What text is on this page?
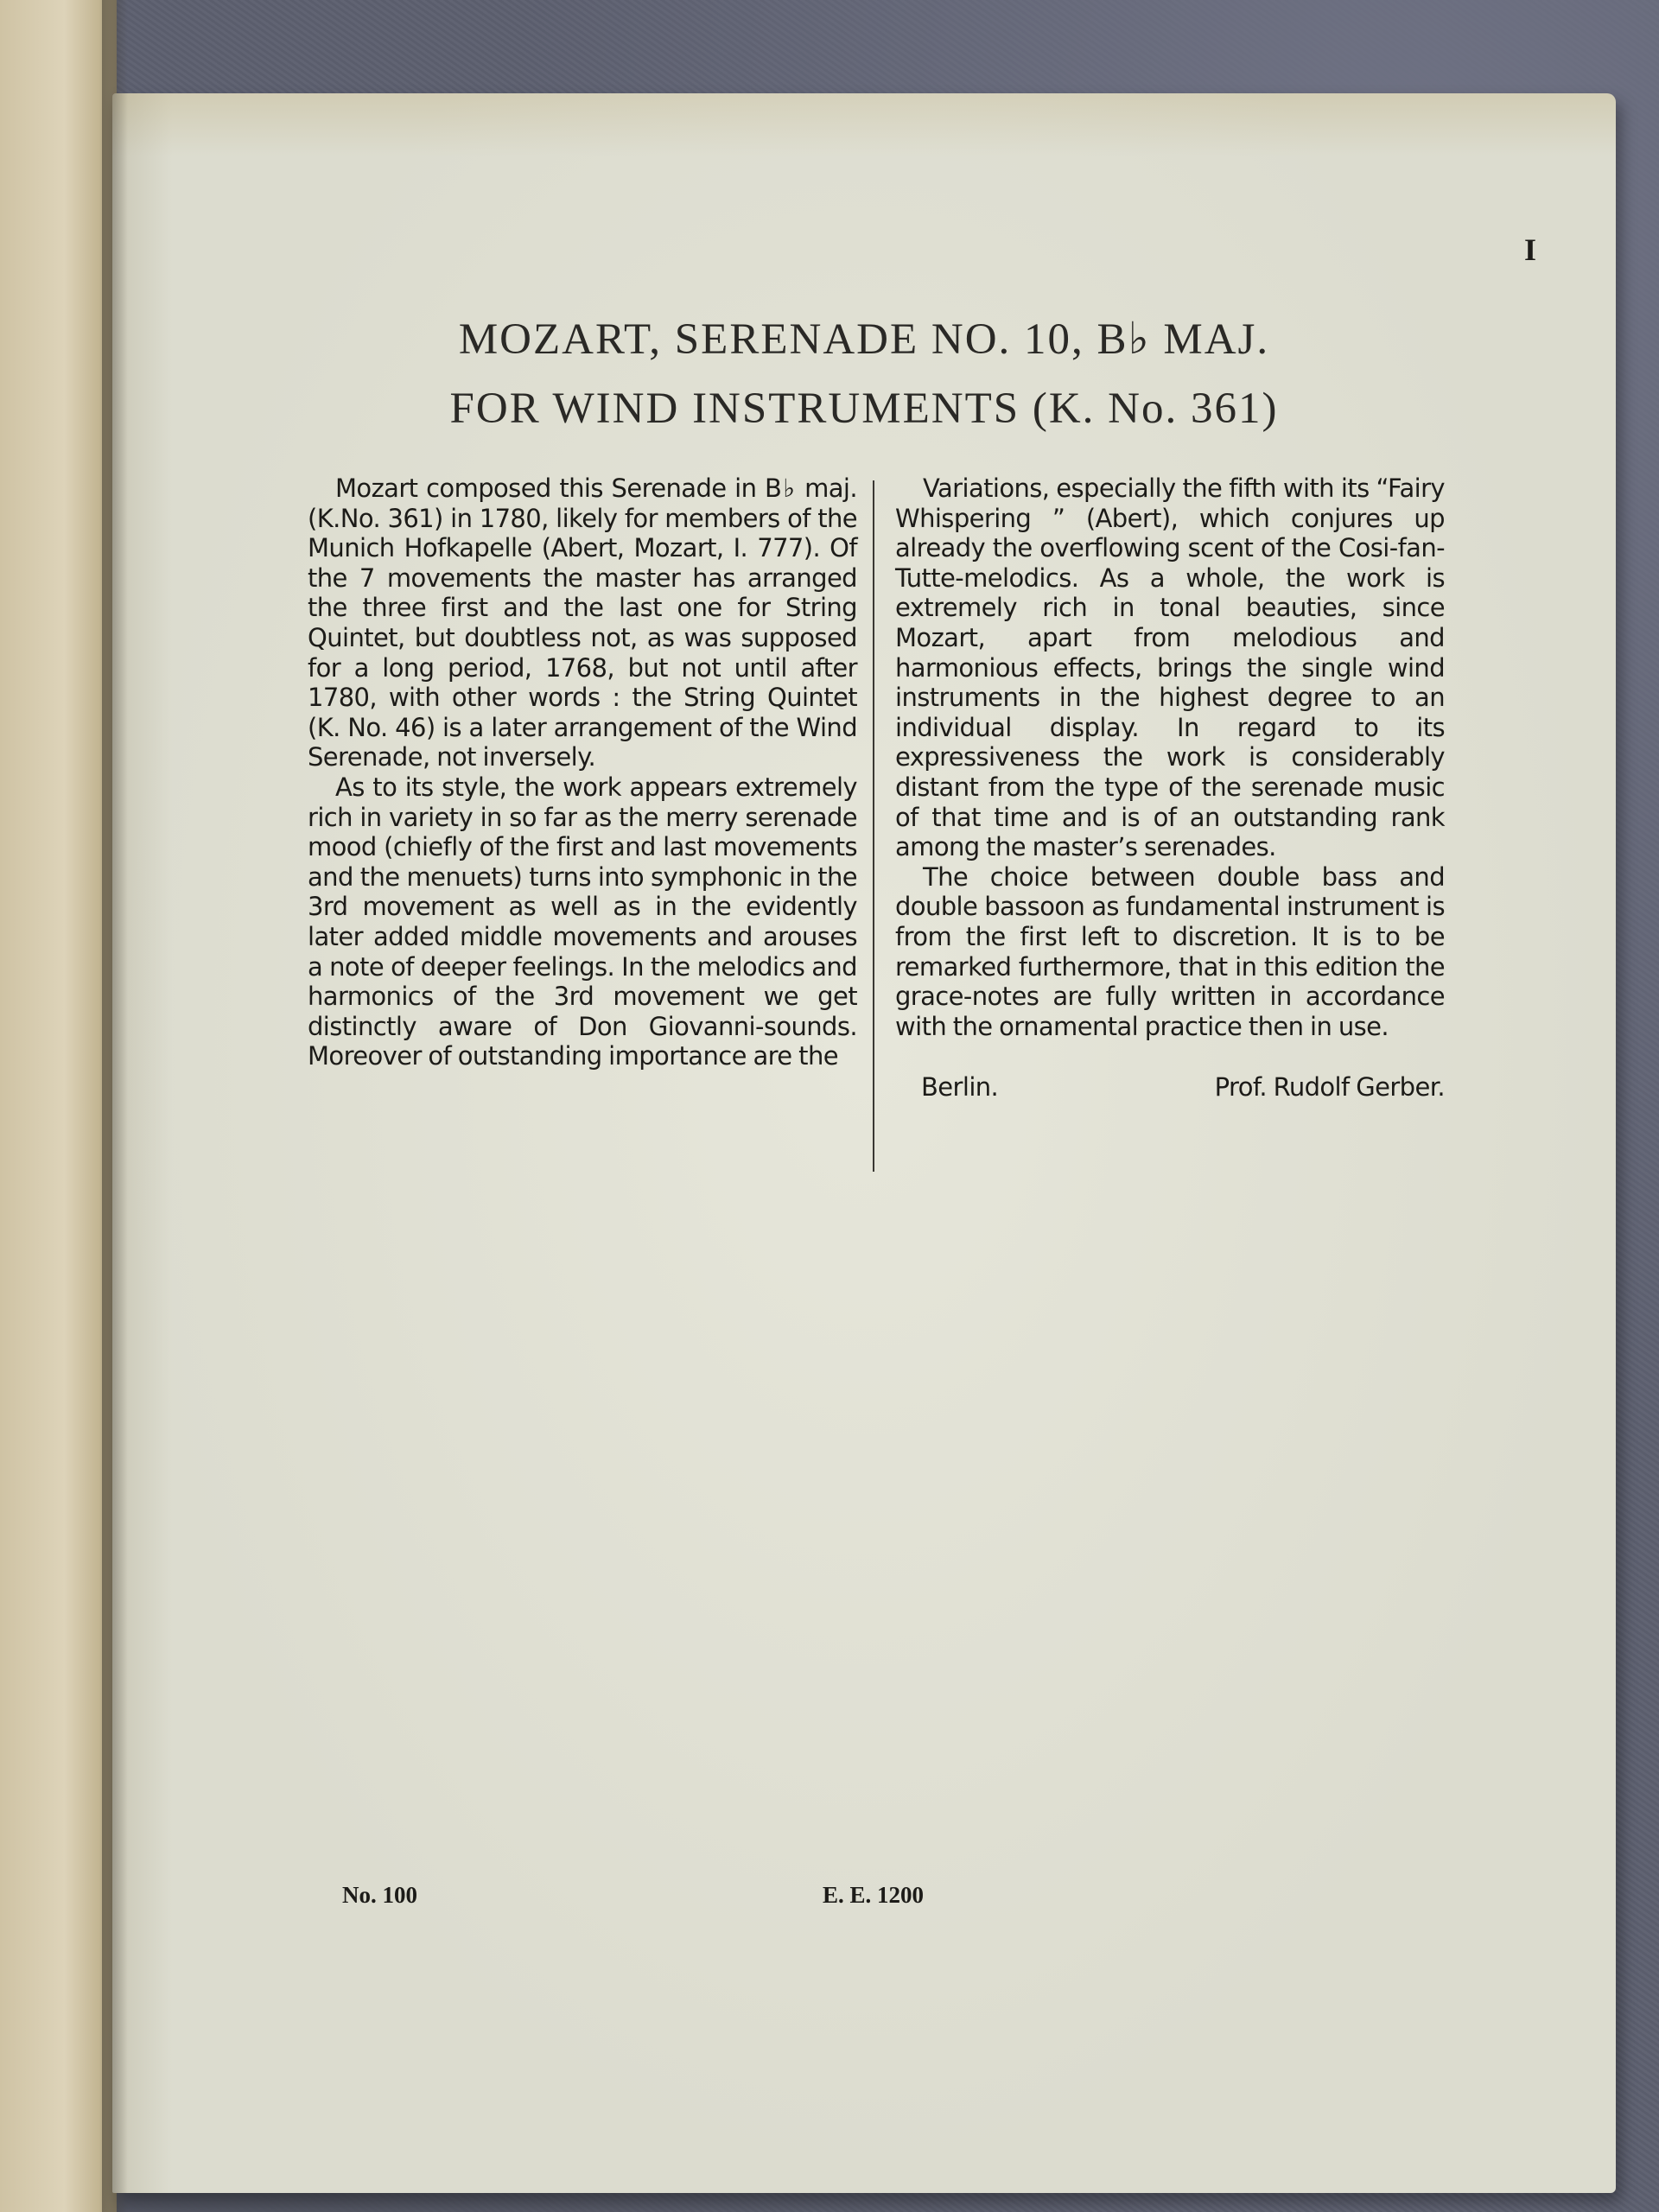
I

MOZART, SERENADE NO. 10, B♭ MAJ.
FOR WIND INSTRUMENTS (K. No. 361)

Mozart composed this Serenade in B♭ maj. (K.No. 361) in 1780, likely for members of the Munich Hofkapelle (Abert, Mozart, I. 777). Of the 7 movements the master has arranged the three first and the last one for String Quintet, but doubtless not, as was supposed for a long period, 1768, but not until after 1780, with other words : the String Quintet (K. No. 46) is a later arrangement of the Wind Serenade, not inversely.

As to its style, the work appears extremely rich in variety in so far as the merry serenade mood (chiefly of the first and last movements and the menuets) turns into symphonic in the 3rd movement as well as in the evidently later added middle movements and arouses a note of deeper feelings. In the melodics and harmonics of the 3rd movement we get distinctly aware of Don Giovanni-sounds. Moreover of outstanding importance are the

Variations, especially the fifth with its “Fairy Whispering ” (Abert), which conjures up already the overflowing scent of the Cosi-fan-Tutte-melodics. As a whole, the work is extremely rich in tonal beauties, since Mozart, apart from melodious and harmonious effects, brings the single wind instruments in the highest degree to an individual display. In regard to its expressiveness the work is considerably distant from the type of the serenade music of that time and is of an outstanding rank among the master’s serenades.

The choice between double bass and double bassoon as fundamental instrument is from the first left to discretion. It is to be remarked furthermore, that in this edition the grace-notes are fully written in accordance with the ornamental practice then in use.

Berlin.	Prof. Rudolf Gerber.

No. 100	E. E. 1200
